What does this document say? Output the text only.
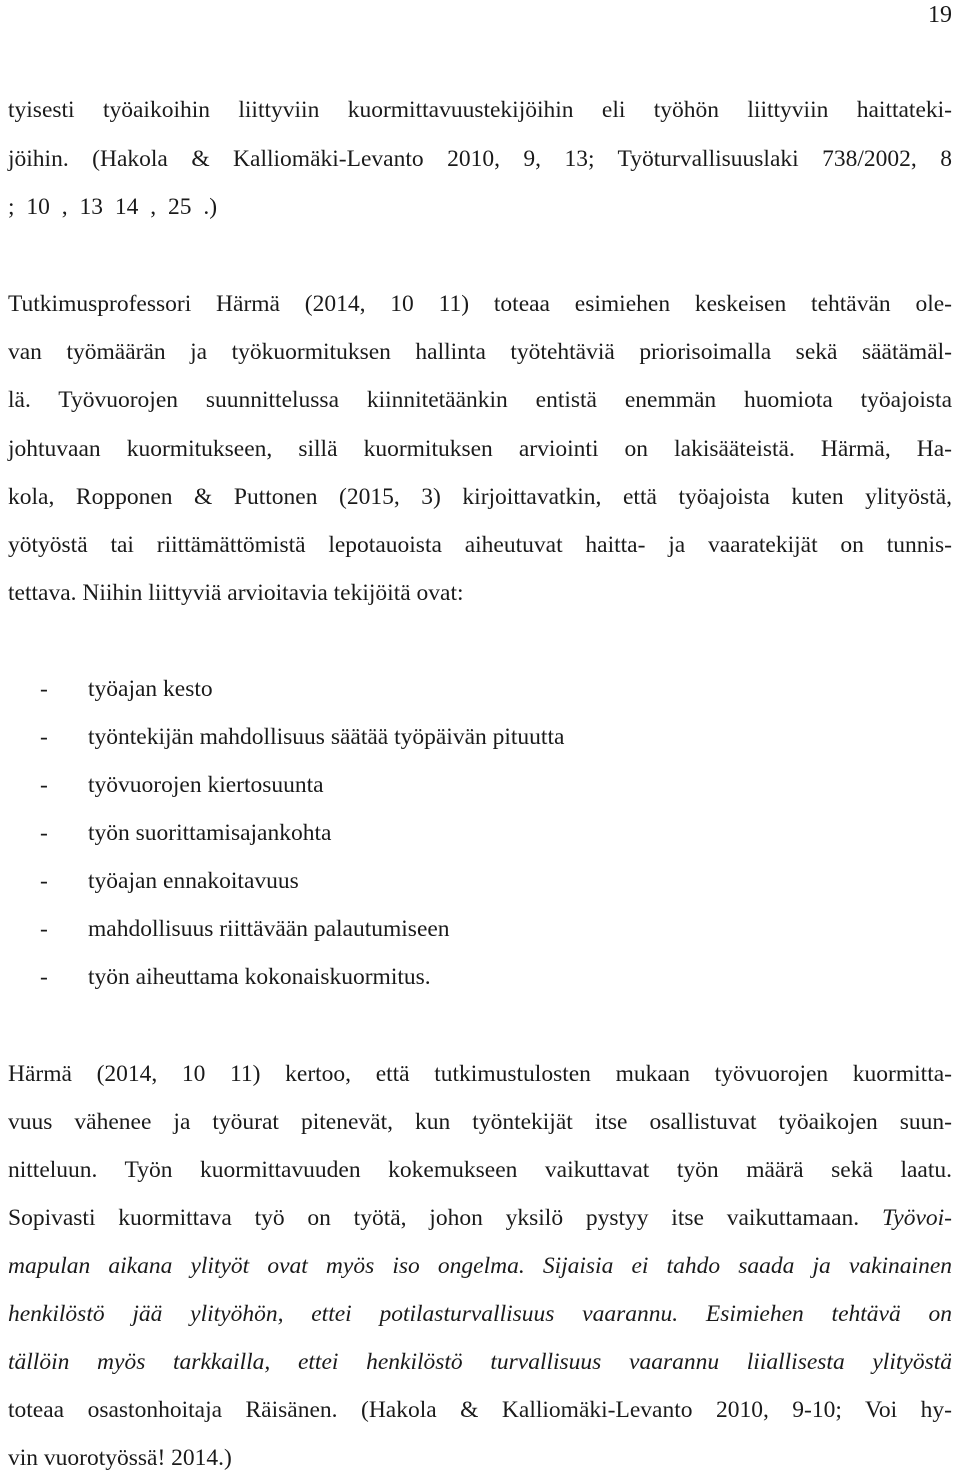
19
tyisesti työaikoihin liittyviin kuormittavuustekijöihin eli työhön liittyviin haittateki-
jöihin. (Hakola & Kalliomäki-Levanto 2010, 9, 13; Työturvallisuuslaki 738/2002, 8
; 10 , 13 14 , 25 .)
Tutkimusprofessori Härmä (2014, 10 11) toteaa esimiehen keskeisen tehtävän ole-
van työmäärän ja työkuormituksen hallinta työtehtäviä priorisoimalla sekä säätämäl-
lä. Työvuorojen suunnittelussa kiinnitetäänkin entistä enemmän huomiota työajoista
johtuvaan kuormitukseen, sillä kuormituksen arviointi on lakisääteistä. Härmä, Ha-
kola, Ropponen & Puttonen (2015, 3) kirjoittavatkin, että työajoista kuten ylityöstä,
yötyöstä tai riittämättömistä lepotauoista aiheutuvat haitta- ja vaaratekijät on tunnis-
tettava. Niihin liittyviä arvioitavia tekijöitä ovat:
- työajan kesto
- työntekijän mahdollisuus säätää työpäivän pituutta
- työvuorojen kiertosuunta
- työn suorittamisajankohta
- työajan ennakoitavuus
- mahdollisuus riittävään palautumiseen
- työn aiheuttama kokonaiskuormitus.
Härmä (2014, 10 11) kertoo, että tutkimustulosten mukaan työvuorojen kuormitta-
vuus vähenee ja työurat pitenevät, kun työntekijät itse osallistuvat työaikojen suun-
nitteluun. Työn kuormittavuuden kokemukseen vaikuttavat työn määrä sekä laatu.
Sopivasti kuormittava työ on työtä, johon yksilö pystyy itse vaikuttamaan. Työvoi-
mapulan aikana ylityöt ovat myös iso ongelma. Sijaisia ei tahdo saada ja vakinainen
henkilöstö jää ylityöhön, ettei potilasturvallisuus vaarannu. Esimiehen tehtävä on
tällöin myös tarkkailla, ettei henkilöstö turvallisuus vaarannu liiallisesta ylityöstä
toteaa osastonhoitaja Räisänen. (Hakola & Kalliomäki-Levanto 2010, 9-10; Voi hy-
vin vuorotyössä! 2014.)
